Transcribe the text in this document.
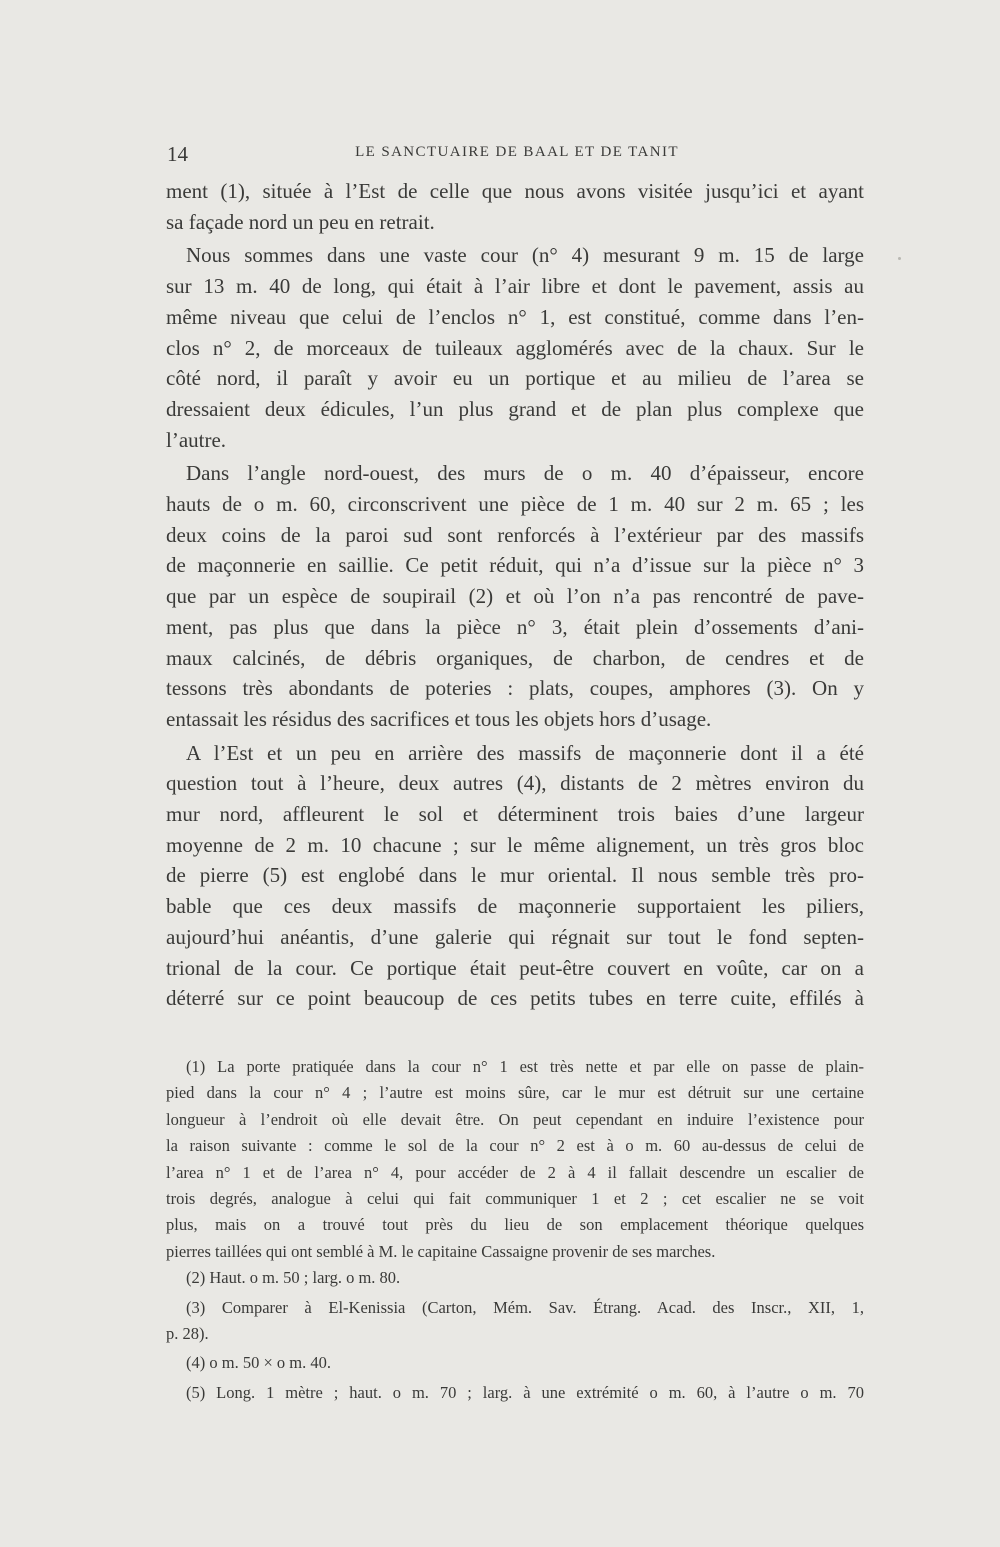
14	LE SANCTUAIRE DE BAAL ET DE TANIT
ment (1), située à l’Est de celle que nous avons visitée jusqu’ici et ayant
sa façade nord un peu en retrait.
Nous sommes dans une vaste cour (n° 4) mesurant 9 m. 15 de large
sur 13 m. 40 de long, qui était à l’air libre et dont le pavement, assis au
même niveau que celui de l’enclos n° 1, est constitué, comme dans l’en-
clos n° 2, de morceaux de tuileaux agglomérés avec de la chaux. Sur le
côté nord, il paraît y avoir eu un portique et au milieu de l’area se
dressaient deux édicules, l’un plus grand et de plan plus complexe que
l’autre.
Dans l’angle nord-ouest, des murs de o m. 40 d’épaisseur, encore
hauts de o m. 60, circonscrivent une pièce de 1 m. 40 sur 2 m. 65 ; les
deux coins de la paroi sud sont renforcés à l’extérieur par des massifs
de maçonnerie en saillie. Ce petit réduit, qui n’a d’issue sur la pièce n° 3
que par un espèce de soupirail (2) et où l’on n’a pas rencontré de pave-
ment, pas plus que dans la pièce n° 3, était plein d’ossements d’ani-
maux calcinés, de débris organiques, de charbon, de cendres et de
tessons très abondants de poteries : plats, coupes, amphores (3). On y
entassait les résidus des sacrifices et tous les objets hors d’usage.
A l’Est et un peu en arrière des massifs de maçonnerie dont il a été
question tout à l’heure, deux autres (4), distants de 2 mètres environ du
mur nord, affleurent le sol et déterminent trois baies d’une largeur
moyenne de 2 m. 10 chacune ; sur le même alignement, un très gros bloc
de pierre (5) est englobé dans le mur oriental. Il nous semble très pro-
bable que ces deux massifs de maçonnerie supportaient les piliers,
aujourd’hui anéantis, d’une galerie qui régnait sur tout le fond septen-
trional de la cour. Ce portique était peut-être couvert en voûte, car on a
déterré sur ce point beaucoup de ces petits tubes en terre cuite, effilés à
(1) La porte pratiquée dans la cour n° 1 est très nette et par elle on passe de plain-
pied dans la cour n° 4 ; l’autre est moins sûre, car le mur est détruit sur une certaine
longueur à l’endroit où elle devait être. On peut cependant en induire l’existence pour
la raison suivante : comme le sol de la cour n° 2 est à o m. 60 au-dessus de celui de
l’area n° 1 et de l’area n° 4, pour accéder de 2 à 4 il fallait descendre un escalier de
trois degrés, analogue à celui qui fait communiquer 1 et 2 ; cet escalier ne se voit
plus, mais on a trouvé tout près du lieu de son emplacement théorique quelques
pierres taillées qui ont semblé à M. le capitaine Cassaigne provenir de ses marches.
(2) Haut. o m. 50 ; larg. o m. 80.
(3) Comparer à El-Kenissia (Carton, Mém. Sav. Étrang. Acad. des Inscr., XII, 1,
p. 28).
(4) o m. 50 × o m. 40.
(5) Long. 1 mètre ; haut. o m. 70 ; larg. à une extrémité o m. 60, à l’autre o m. 70
